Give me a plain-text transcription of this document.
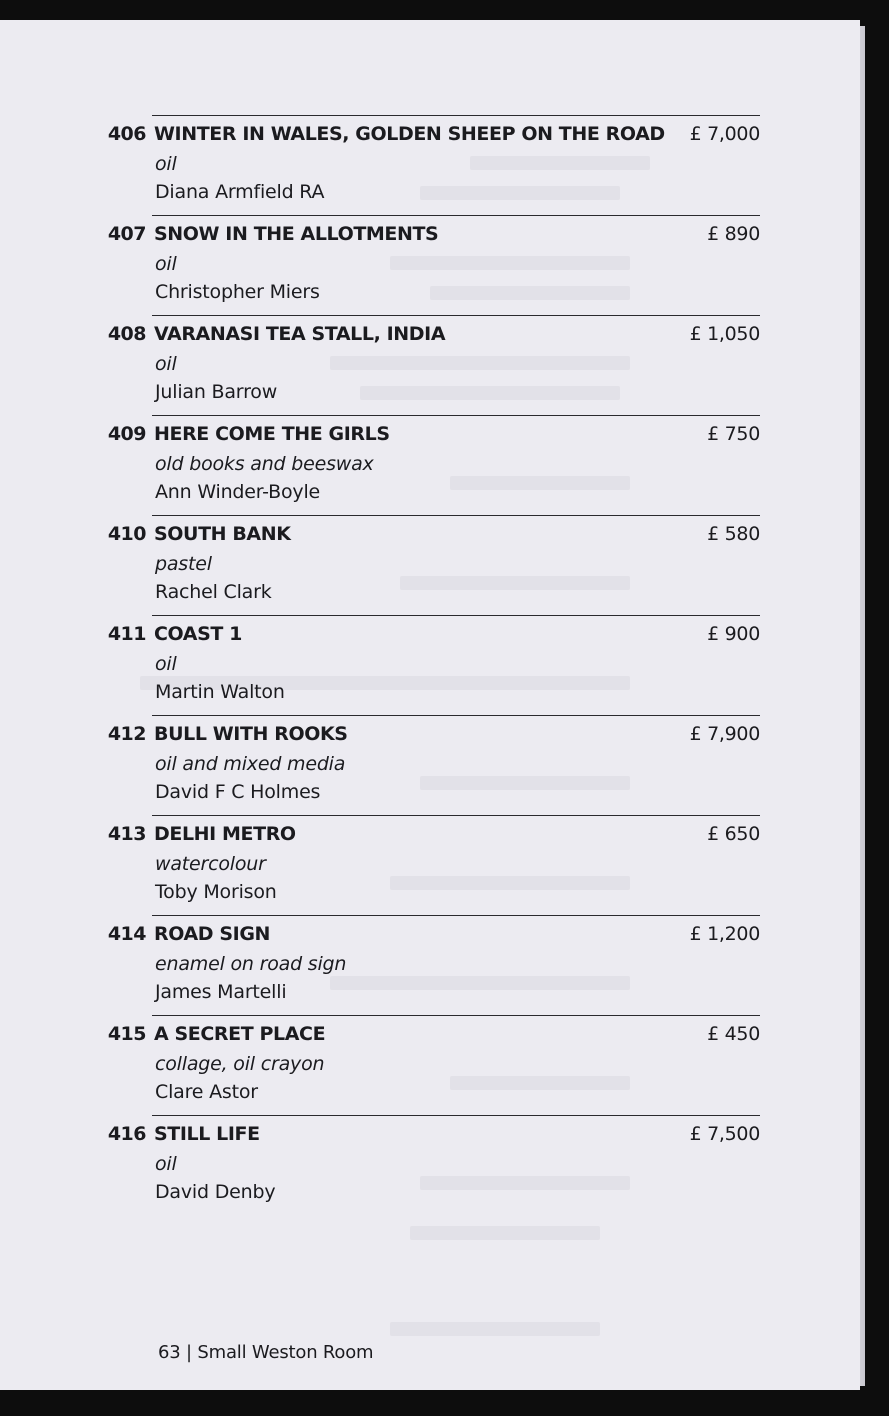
406 WINTER IN WALES, GOLDEN SHEEP ON THE ROAD
oil
Diana Armfield RA
£ 7,000
407 SNOW IN THE ALLOTMENTS
oil
Christopher Miers
£ 890
408 VARANASI TEA STALL, INDIA
oil
Julian Barrow
£ 1,050
409 HERE COME THE GIRLS
old books and beeswax
Ann Winder-Boyle
£ 750
410 SOUTH BANK
pastel
Rachel Clark
£ 580
411 COAST 1
oil
Martin Walton
£ 900
412 BULL WITH ROOKS
oil and mixed media
David F C Holmes
£ 7,900
413 DELHI METRO
watercolour
Toby Morison
£ 650
414 ROAD SIGN
enamel on road sign
James Martelli
£ 1,200
415 A SECRET PLACE
collage, oil crayon
Clare Astor
£ 450
416 STILL LIFE
oil
David Denby
£ 7,500
63 | Small Weston Room
